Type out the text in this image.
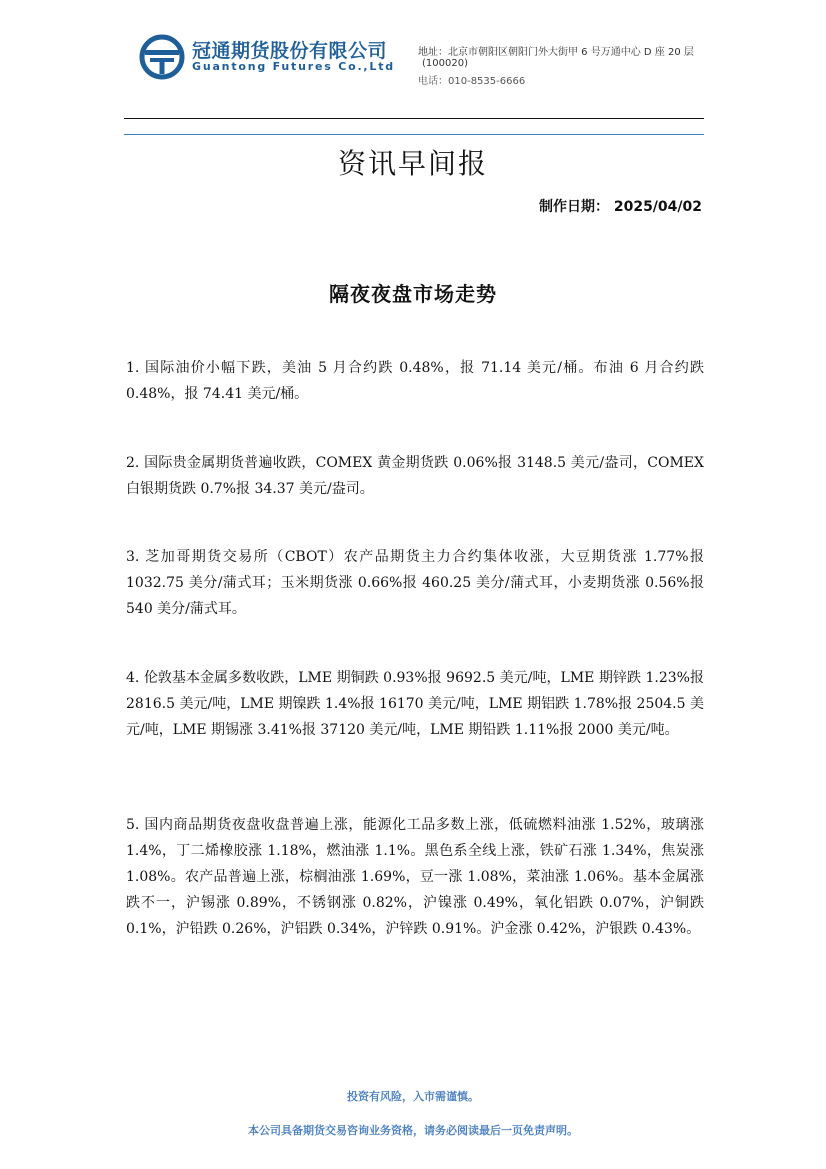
冠通期货股份有限公司
Guantong Futures Co.,Ltd
地址：北京市朝阳区朝阳门外大街甲 6 号万通中心 D 座 20 层
(100020)
电话：010-8535-6666
资讯早间报
制作日期： 2025/04/02
隔夜夜盘市场走势
1. 国际油价小幅下跌，美油 5 月合约跌 0.48%，报 71.14 美元/桶。布油 6 月合约跌 0.48%，报 74.41 美元/桶。
2. 国际贵金属期货普遍收跌，COMEX 黄金期货跌 0.06%报 3148.5 美元/盎司，COMEX 白银期货跌 0.7%报 34.37 美元/盎司。
3. 芝加哥期货交易所（CBOT）农产品期货主力合约集体收涨，大豆期货涨 1.77%报 1032.75 美分/蒲式耳；玉米期货涨 0.66%报 460.25 美分/蒲式耳，小麦期货涨 0.56%报 540 美分/蒲式耳。
4. 伦敦基本金属多数收跌，LME 期铜跌 0.93%报 9692.5 美元/吨，LME 期锌跌 1.23%报 2816.5 美元/吨，LME 期镍跌 1.4%报 16170 美元/吨，LME 期铝跌 1.78%报 2504.5 美元/吨，LME 期锡涨 3.41%报 37120 美元/吨，LME 期铅跌 1.11%报 2000 美元/吨。
5. 国内商品期货夜盘收盘普遍上涨，能源化工品多数上涨，低硫燃料油涨 1.52%，玻璃涨 1.4%，丁二烯橡胶涨 1.18%，燃油涨 1.1%。黑色系全线上涨，铁矿石涨 1.34%，焦炭涨 1.08%。农产品普遍上涨，棕榈油涨 1.69%，豆一涨 1.08%，菜油涨 1.06%。基本金属涨跌不一，沪锡涨 0.89%，不锈钢涨 0.82%，沪镍涨 0.49%，氧化铝跌 0.07%，沪铜跌 0.1%，沪铅跌 0.26%，沪铝跌 0.34%，沪锌跌 0.91%。沪金涨 0.42%，沪银跌 0.43%。
投资有风险，入市需谨慎。
本公司具备期货交易咨询业务资格，请务必阅读最后一页免责声明。
